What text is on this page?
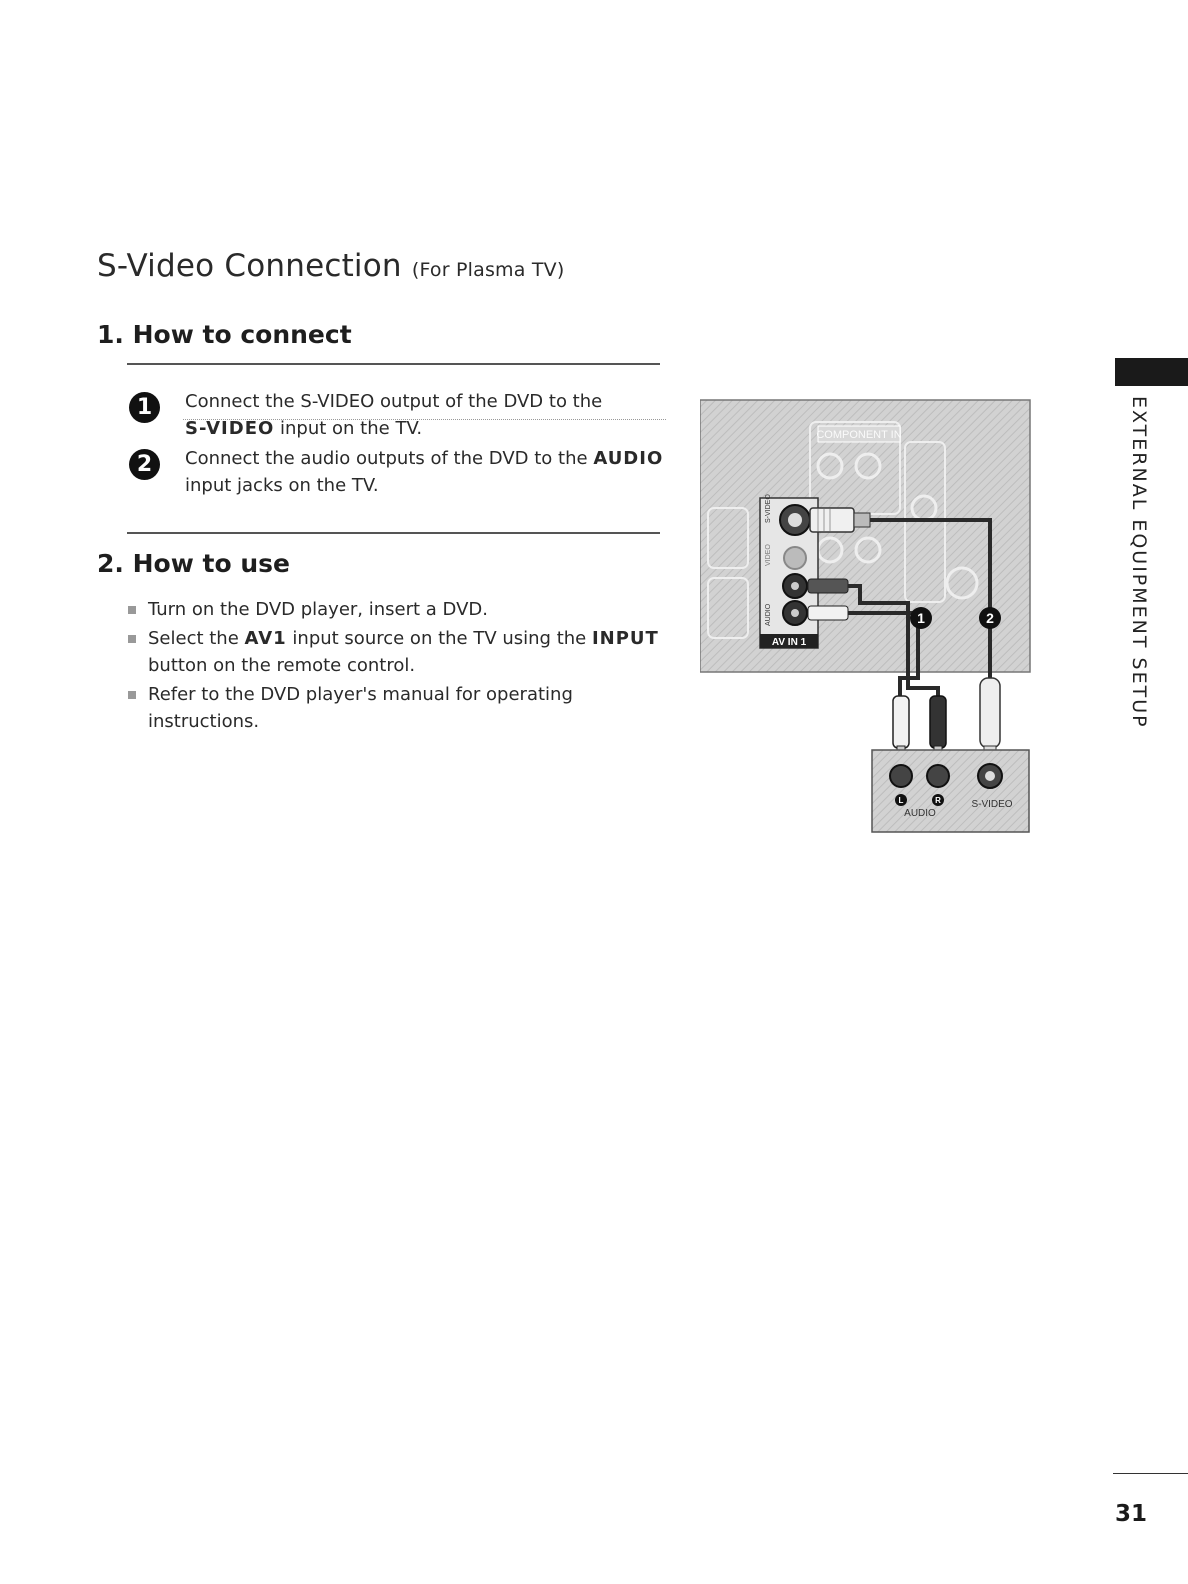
S-Video Connection (For Plasma TV)
1. How to connect
1	Connect the S-VIDEO output of the DVD to the
S-VIDEO input on the TV.
2	Connect the audio outputs of the DVD to the AUDIO
input jacks on the TV.
2. How to use
Turn on the DVD player, insert a DVD.
Select the AV1 input source on the TV using the INPUT
button on the remote control.
Refer to the DVD player's manual for operating instructions.
COMPONENT IN
AV IN 1
S-VIDEO
VIDEO
AUDIO	1	2
L	R
AUDIO
S-VIDEO
EXTERNAL EQUIPMENT SETUP
31
